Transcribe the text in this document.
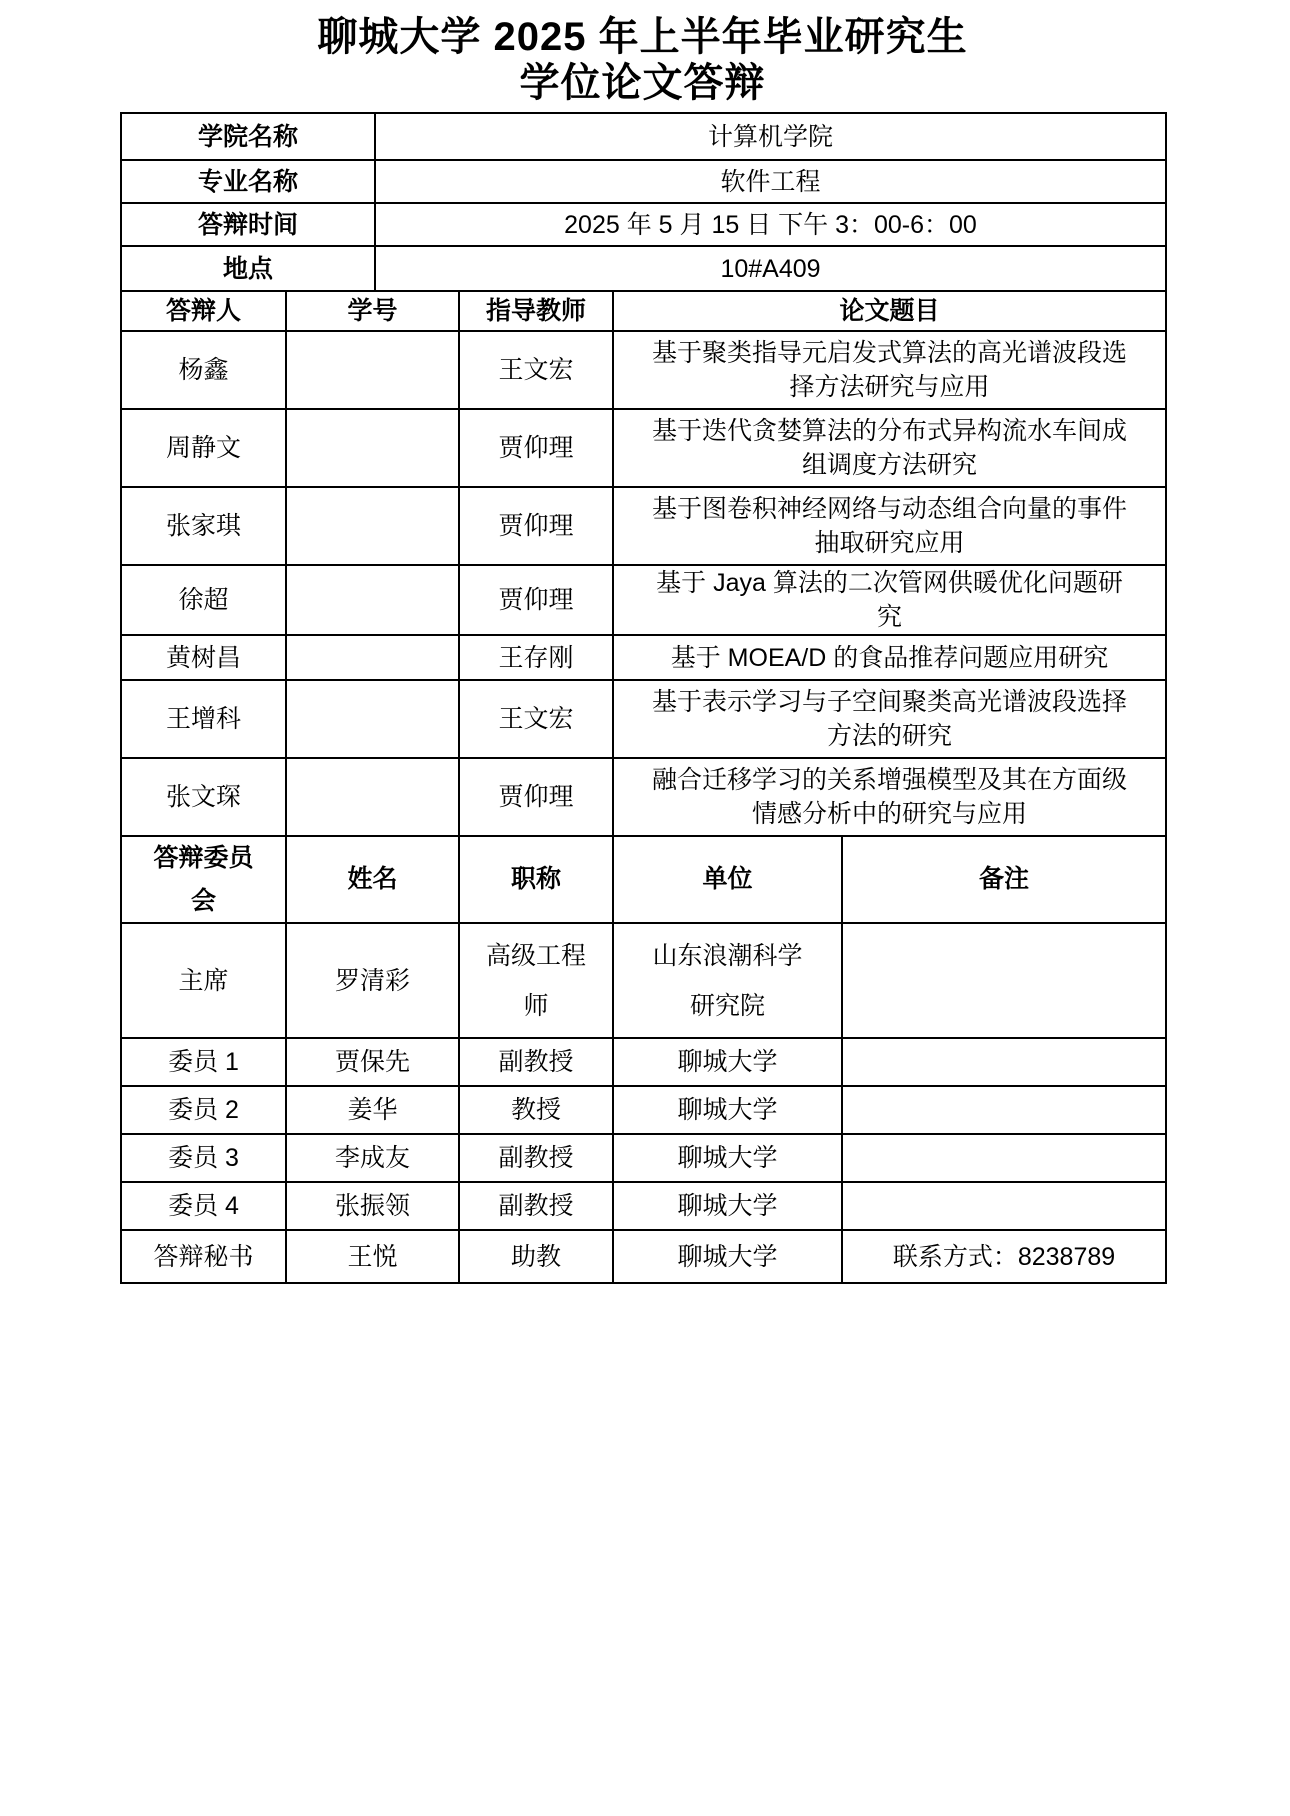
聊城大学 2025 年上半年毕业研究生
学位论文答辩
学院名称	计算机学院
专业名称	软件工程
答辩时间	2025 年 5 月 15 日 下午 3：00-6：00
地点	10#A409
答辩人	学号	指导教师	论文题目
杨鑫		王文宏	基于聚类指导元启发式算法的高光谱波段选择方法研究与应用
周静文		贾仰理	基于迭代贪婪算法的分布式异构流水车间成组调度方法研究
张家琪		贾仰理	基于图卷积神经网络与动态组合向量的事件抽取研究应用
徐超		贾仰理	基于 Jaya 算法的二次管网供暖优化问题研究
黄树昌		王存刚	基于 MOEA/D 的食品推荐问题应用研究
王增科		王文宏	基于表示学习与子空间聚类高光谱波段选择方法的研究
张文琛		贾仰理	融合迁移学习的关系增强模型及其在方面级情感分析中的研究与应用
答辩委员会	姓名	职称	单位	备注
主席	罗清彩	高级工程师	山东浪潮科学研究院	
委员 1	贾保先	副教授	聊城大学	
委员 2	姜华	教授	聊城大学	
委员 3	李成友	副教授	聊城大学	
委员 4	张振领	副教授	聊城大学	
答辩秘书	王悦	助教	聊城大学	联系方式：8238789
